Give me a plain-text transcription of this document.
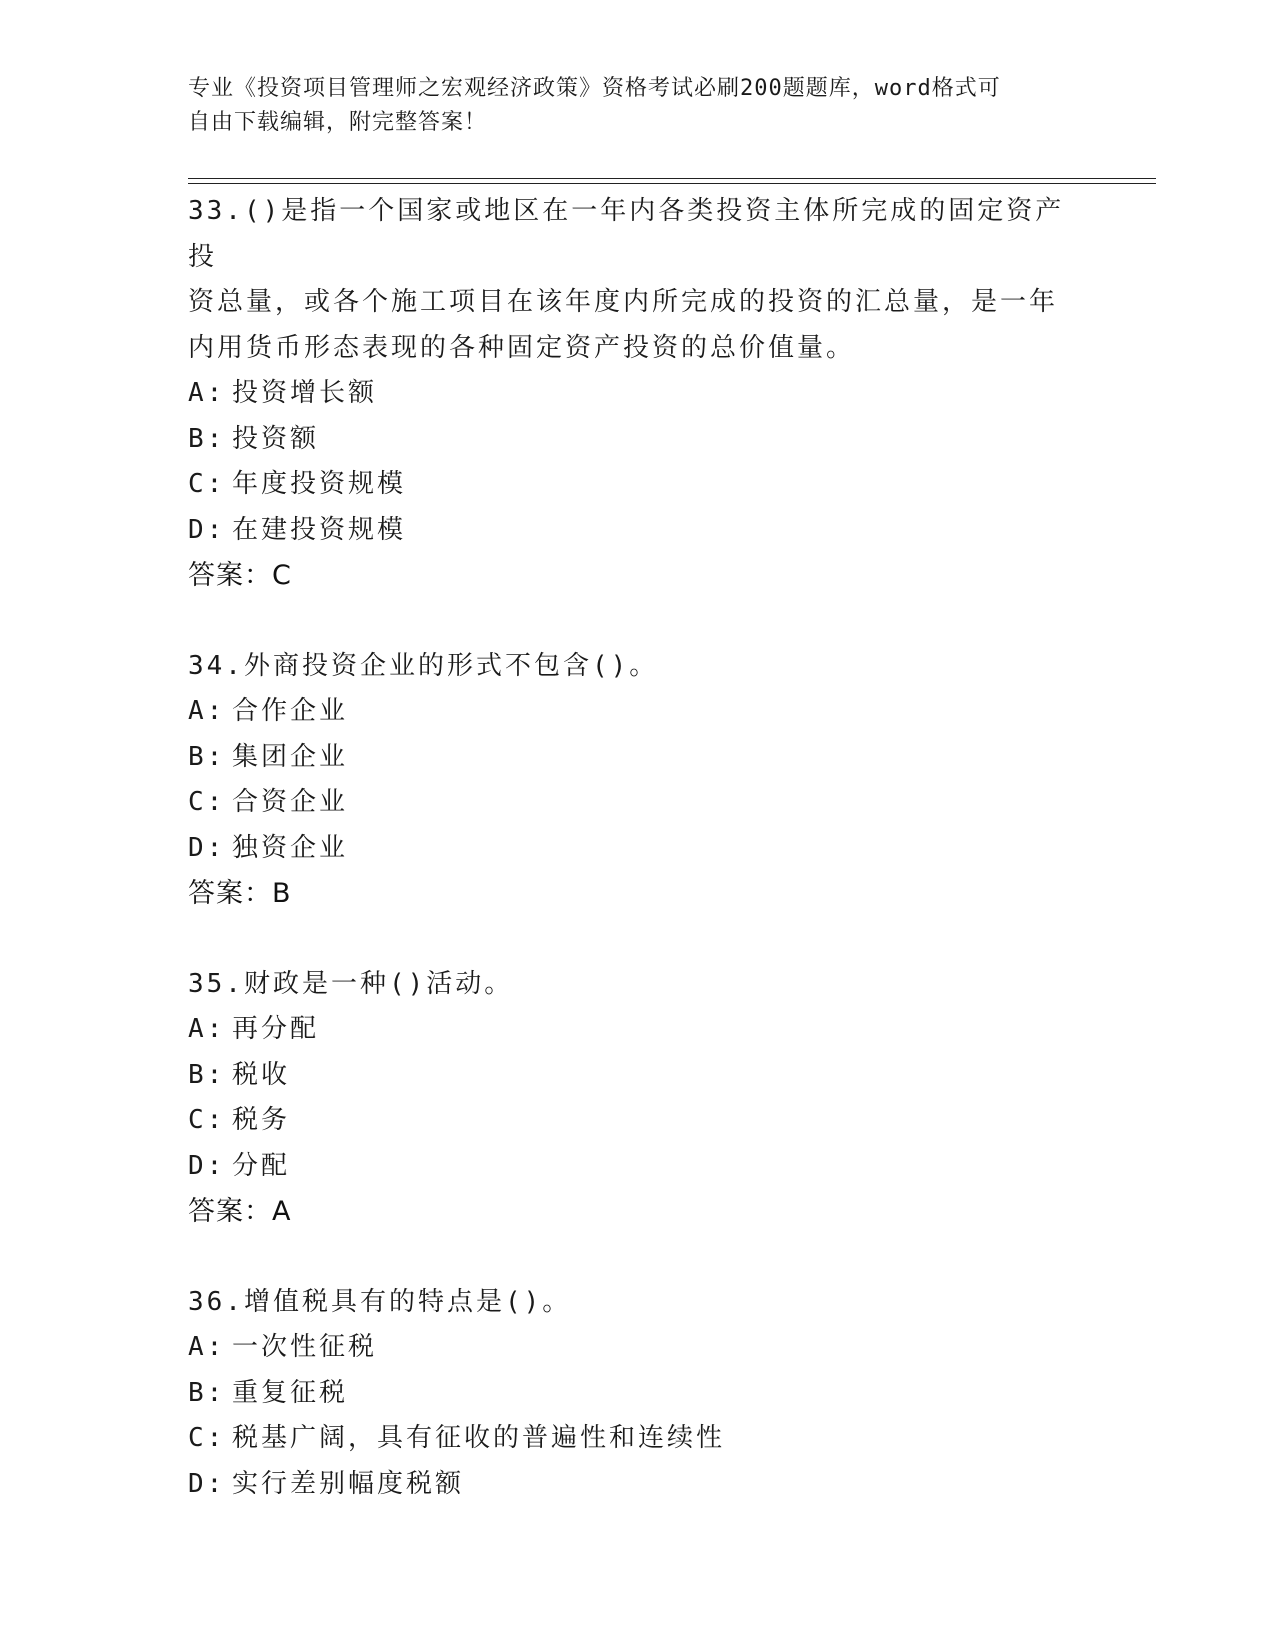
专业《投资项目管理师之宏观经济政策》资格考试必刷200题题库，word格式可
自由下载编辑，附完整答案！
33.()是指一个国家或地区在一年内各类投资主体所完成的固定资产投
资总量，或各个施工项目在该年度内所完成的投资的汇总量，是一年
内用货币形态表现的各种固定资产投资的总价值量。
A: 投资增长额
B: 投资额
C: 年度投资规模
D: 在建投资规模
答案：C
34.外商投资企业的形式不包含()。
A: 合作企业
B: 集团企业
C: 合资企业
D: 独资企业
答案：B
35.财政是一种()活动。
A: 再分配
B: 税收
C: 税务
D: 分配
答案：A
36.增值税具有的特点是()。
A: 一次性征税
B: 重复征税
C: 税基广阔，具有征收的普遍性和连续性
D: 实行差别幅度税额
